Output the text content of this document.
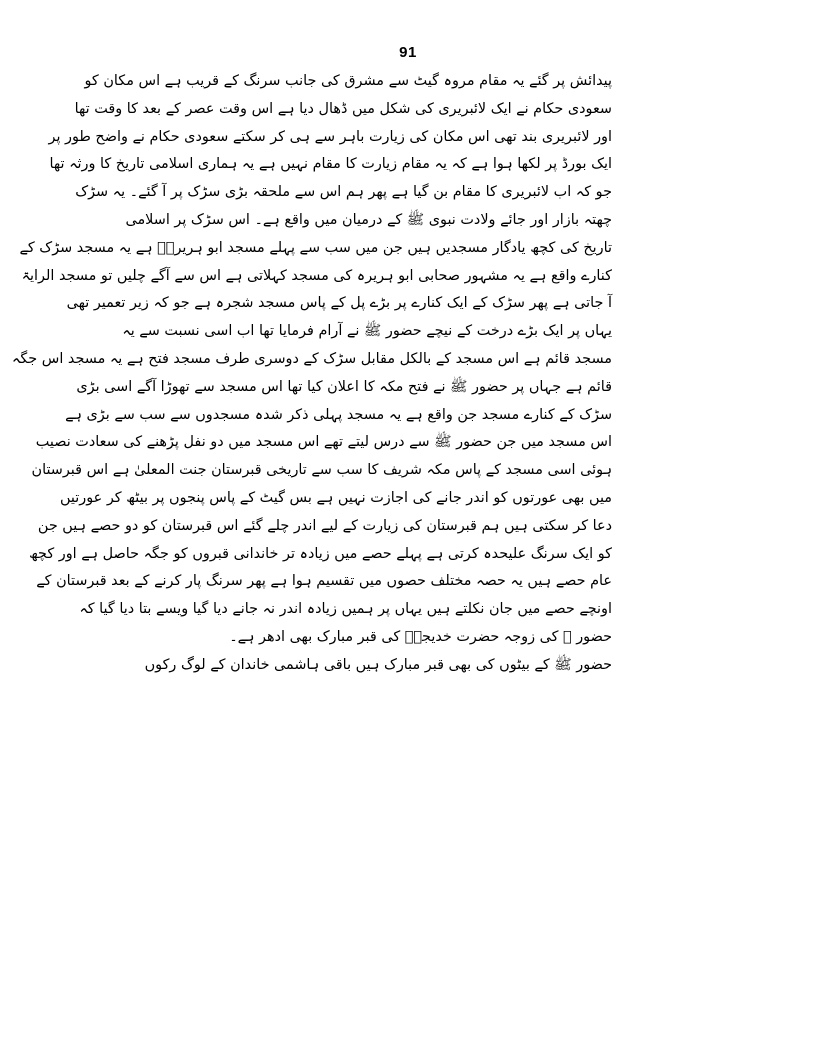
91
پیدائش پر گئے یہ مقام مروہ گیٹ سے مشرق کی جانب سرنگ کے قریب ہے اس مکان کو
سعودی حکام نے ایک لائبریری کی شکل میں ڈھال دیا ہے اس وقت عصر کے بعد کا وقت تھا
اور لائبریری بند تھی اس مکان کی زیارت باہر سے ہی کر سکتے سعودی حکام نے واضح طور پر
ایک بورڈ پر لکھا ہوا ہے کہ یہ مقام زیارت کا مقام نہیں ہے یہ ہماری اسلامی تاریخ کا ورثہ تھا
جو کہ اب لائبریری کا مقام بن گیا ہے پھر ہم اس سے ملحقہ بڑی سڑک پر آ گئے۔ یہ سڑک
چھتہ بازار اور جائے ولادت نبوی ﷺ کے درمیان میں واقع ہے۔ اس سڑک پر اسلامی
تاریخ کی کچھ یادگار مسجدیں ہیں جن میں سب سے پہلے مسجد ابو ہریرہؓ ہے یہ مسجد سڑک کے
کنارے واقع ہے یہ مشہور صحابی ابو ہریرہ کی مسجد کہلاتی ہے اس سے آگے چلیں تو مسجد الرایۃ
آ جاتی ہے پھر سڑک کے ایک کنارے پر بڑے پل کے پاس مسجد شجرہ ہے جو کہ زیر تعمیر تھی
یہاں پر ایک بڑے درخت کے نیچے حضور ﷺ نے آرام فرمایا تھا اب اسی نسبت سے یہ
مسجد قائم ہے اس مسجد کے بالکل مقابل سڑک کے دوسری طرف مسجد فتح ہے یہ مسجد اس جگہ
قائم ہے جہاں پر حضور ﷺ نے فتح مکہ کا اعلان کیا تھا اس مسجد سے تھوڑا آگے اسی بڑی
سڑک کے کنارے مسجد جن واقع ہے یہ مسجد پہلی ذکر شدہ مسجدوں سے سب سے بڑی ہے
اس مسجد میں جن حضور ﷺ سے درس لیتے تھے اس مسجد میں دو نفل پڑھنے کی سعادت نصیب
ہوئی اسی مسجد کے پاس مکہ شریف کا سب سے تاریخی قبرستان جنت المعلیٰ ہے اس قبرستان
میں بھی عورتوں کو اندر جانے کی اجازت نہیں ہے بس گیٹ کے پاس پنجوں پر بیٹھ کر عورتیں
دعا کر سکتی ہیں ہم قبرستان کی زیارت کے لیے اندر چلے گئے اس قبرستان کو دو حصے ہیں جن
کو ایک سرنگ علیحدہ کرتی ہے پہلے حصے میں زیادہ تر خاندانی قبروں کو جگہ حاصل ہے اور کچھ
عام حصے ہیں یہ حصہ مختلف حصوں میں تقسیم ہوا ہے پھر سرنگ پار کرنے کے بعد قبرستان کے
اونچے حصے میں جان نکلتے ہیں یہاں پر ہمیں زیادہ اندر نہ جانے دیا گیا ویسے بتا دیا گیا کہ
حضور ﷺ کی زوجہ حضرت خدیجہؓ کی قبر مبارک بھی ادھر ہے۔
حضور ﷺ کے بیٹوں کی بھی قبر مبارک ہیں باقی ہاشمی خاندان کے لوگ رکوں
